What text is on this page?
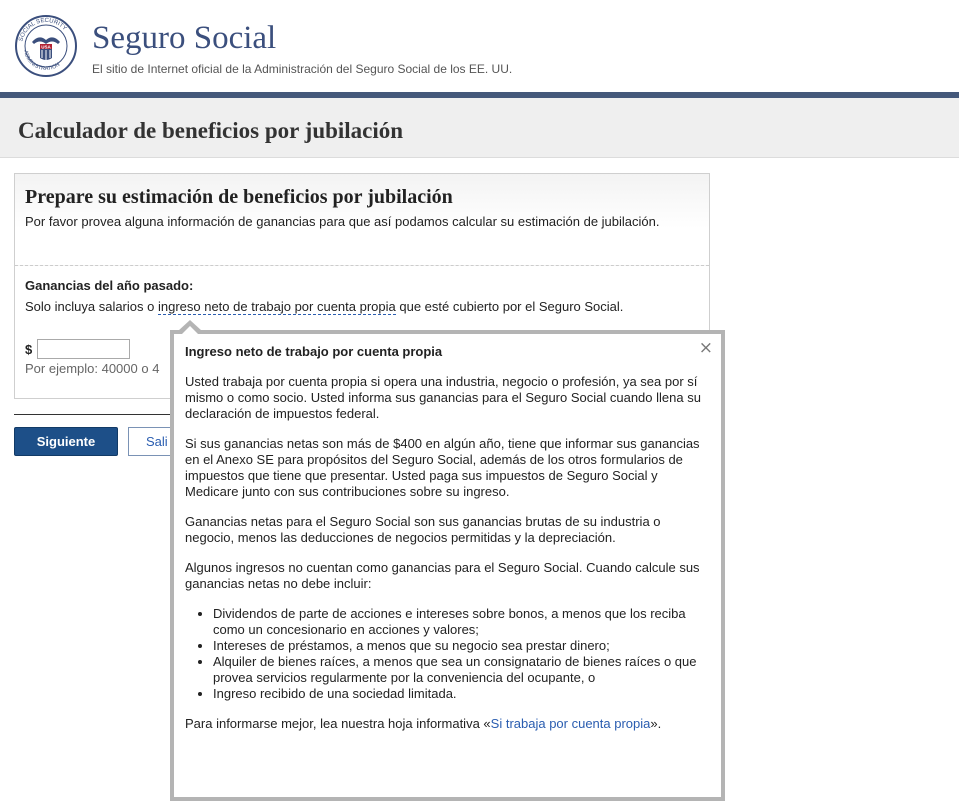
SOCIAL SECURITY
ADMINISTRATION
USA Seguro Social
El sitio de Internet oficial de la Administración del Seguro Social de los EE. UU.
Calculador de beneficios por jubilación
Prepare su estimación de beneficios por jubilación

Por favor provea alguna información de ganancias para que así podamos calcular su estimación de jubilación.

Ganancias del año pasado:
Solo incluya salarios o ingreso neto de trabajo por cuenta propia que esté cubierto por el Seguro Social.
$
Por ejemplo: 40000 o 4
Siguiente	Sali
×
Ingreso neto de trabajo por cuenta propia

Usted trabaja por cuenta propia si opera una industria, negocio o profesión, ya sea por sí mismo o como socio. Usted informa sus ganancias para el Seguro Social cuando llena su declaración de impuestos federal.

Si sus ganancias netas son más de $400 en algún año, tiene que informar sus ganancias en el Anexo SE para propósitos del Seguro Social, además de los otros formularios de impuestos que tiene que presentar. Usted paga sus impuestos de Seguro Social y Medicare junto con sus contribuciones sobre su ingreso.

Ganancias netas para el Seguro Social son sus ganancias brutas de su industria o negocio, menos las deducciones de negocios permitidas y la depreciación.

Algunos ingresos no cuentan como ganancias para el Seguro Social. Cuando calcule sus ganancias netas no debe incluir:

• Dividendos de parte de acciones e intereses sobre bonos, a menos que los reciba como un concesionario en acciones y valores;
• Intereses de préstamos, a menos que su negocio sea prestar dinero;
• Alquiler de bienes raíces, a menos que sea un consignatario de bienes raíces o que provea servicios regularmente por la conveniencia del ocupante, o
• Ingreso recibido de una sociedad limitada.

Para informarse mejor, lea nuestra hoja informativa «Si trabaja por cuenta propia».
